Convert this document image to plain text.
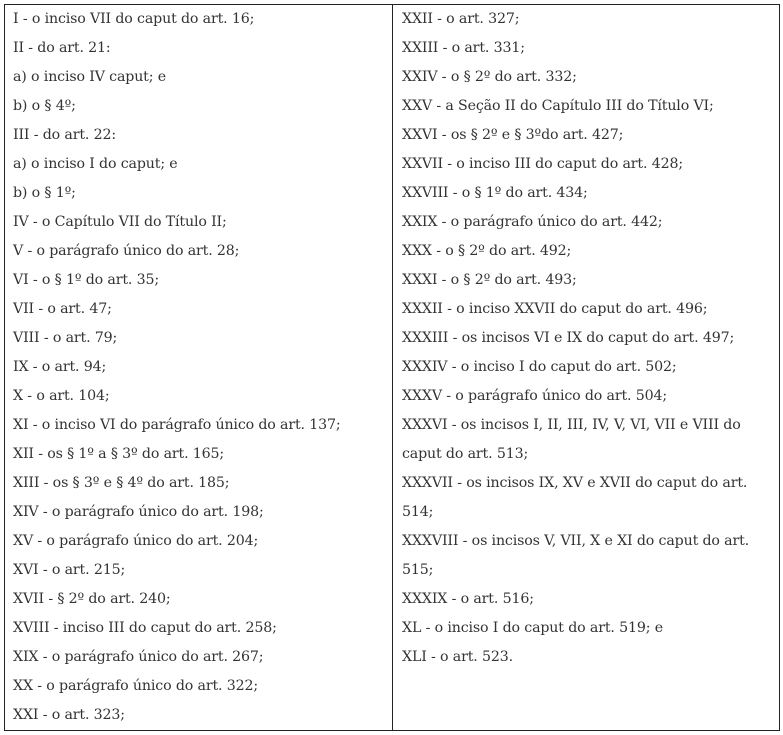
I - o inciso VII do caput do art. 16;
II - do art. 21:
a) o inciso IV caput; e
b) o § 4º;
III - do art. 22:
a) o inciso I do caput; e
b) o § 1º;
IV - o Capítulo VII do Título II;
V - o parágrafo único do art. 28;
VI - o § 1º do art. 35;
VII - o art. 47;
VIII - o art. 79;
IX - o art. 94;
X - o art. 104;
XI - o inciso VI do parágrafo único do art. 137;
XII - os § 1º a § 3º do art. 165;
XIII - os § 3º e § 4º do art. 185;
XIV - o parágrafo único do art. 198;
XV - o parágrafo único do art. 204;
XVI - o art. 215;
XVII - § 2º do art. 240;
XVIII - inciso III do caput do art. 258;
XIX - o parágrafo único do art. 267;
XX - o parágrafo único do art. 322;
XXI - o art. 323;
XXII - o art. 327;
XXIII - o art. 331;
XXIV - o § 2º do art. 332;
XXV - a Seção II do Capítulo III do Título VI;
XXVI - os § 2º e § 3ºdo art. 427;
XXVII - o inciso III do caput do art. 428;
XXVIII - o § 1º do art. 434;
XXIX - o parágrafo único do art. 442;
XXX - o § 2º do art. 492;
XXXI - o § 2º do art. 493;
XXXII - o inciso XXVII do caput do art. 496;
XXXIII - os incisos VI e IX do caput do art. 497;
XXXIV - o inciso I do caput do art. 502;
XXXV - o parágrafo único do art. 504;
XXXVI - os incisos I, II, III, IV, V, VI, VII e VIII do caput do art. 513;
XXXVII - os incisos IX, XV e XVII do caput do art. 514;
XXXVIII - os incisos V, VII, X e XI do caput do art. 515;
XXXIX - o art. 516;
XL - o inciso I do caput do art. 519; e
XLI - o art. 523.
